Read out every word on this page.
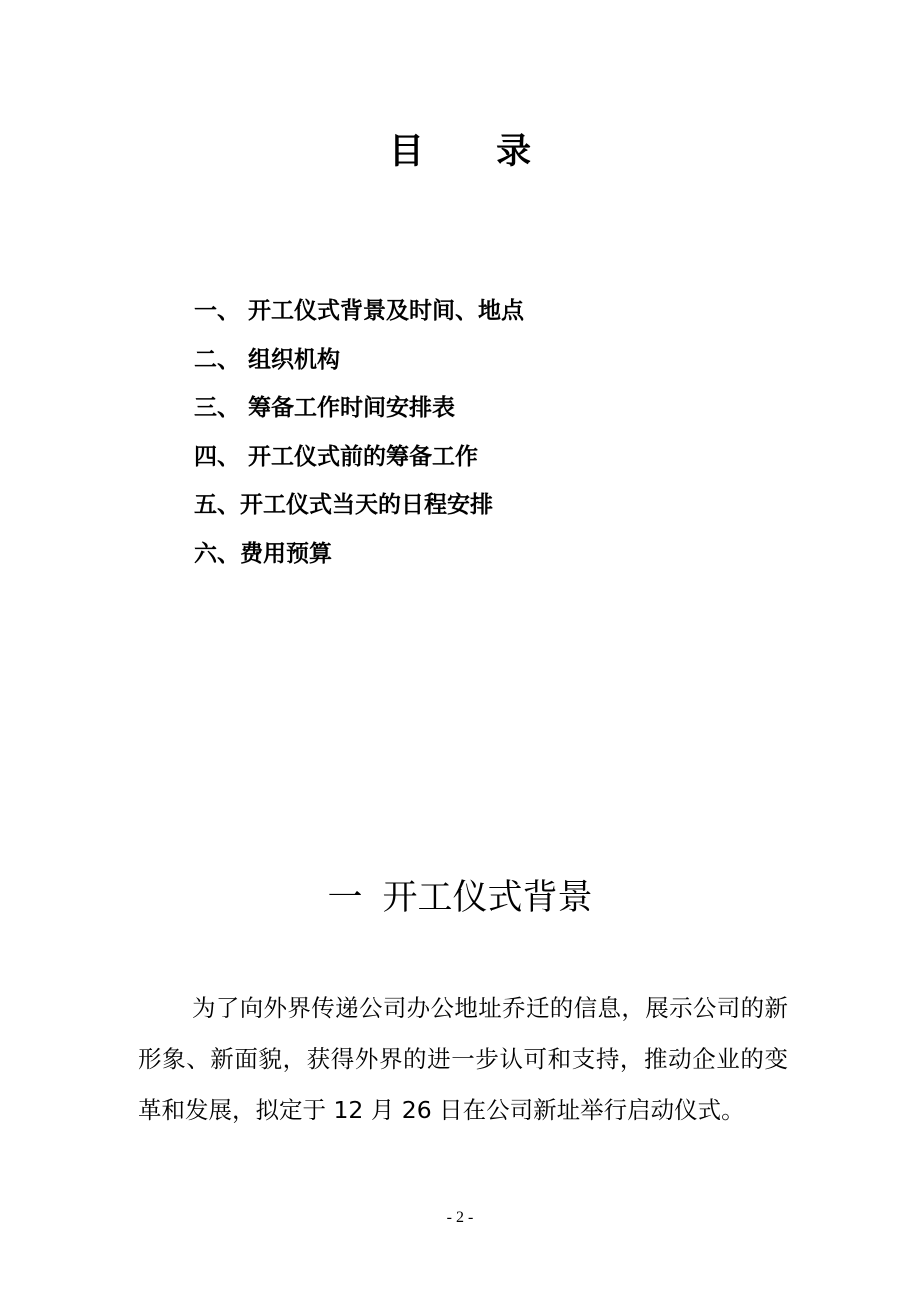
目 录
一、 开工仪式背景及时间、地点
二、 组织机构
三、 筹备工作时间安排表
四、 开工仪式前的筹备工作
五、开工仪式当天的日程安排
六、费用预算
一 开工仪式背景

为了向外界传递公司办公地址乔迁的信息，展示公司的新形象、新面貌，获得外界的进一步认可和支持，推动企业的变革和发展，拟定于 12 月 26 日在公司新址举行启动仪式。

- 2 -
